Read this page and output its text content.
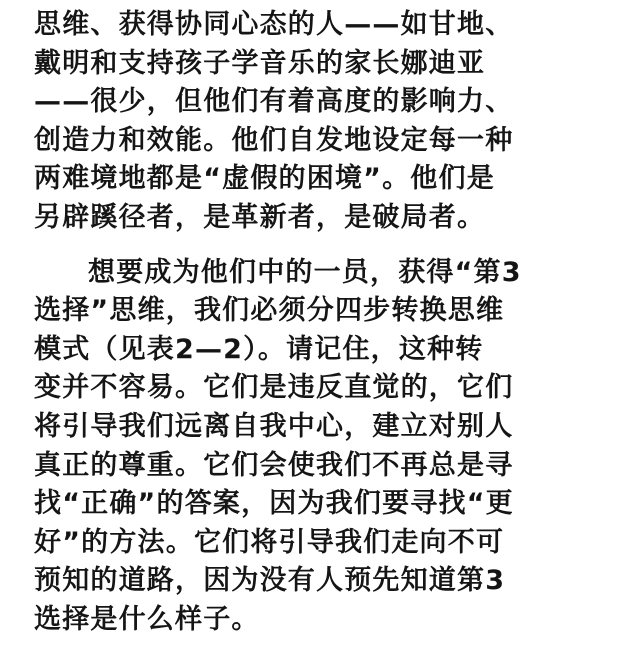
思维、获得协同心态的人——如甘地、
戴明和支持孩子学音乐的家长娜迪亚
——很少，但他们有着高度的影响力、
创造力和效能。他们自发地设定每一种
两难境地都是“虚假的困境”。他们是
另辟蹊径者，是革新者，是破局者。
想要成为他们中的一员，获得“第3
选择”思维，我们必须分四步转换思维
模式（见表2—2）。请记住，这种转
变并不容易。它们是违反直觉的，它们
将引导我们远离自我中心，建立对别人
真正的尊重。它们会使我们不再总是寻
找“正确”的答案，因为我们要寻找“更
好”的方法。它们将引导我们走向不可
预知的道路，因为没有人预先知道第3
选择是什么样子。
